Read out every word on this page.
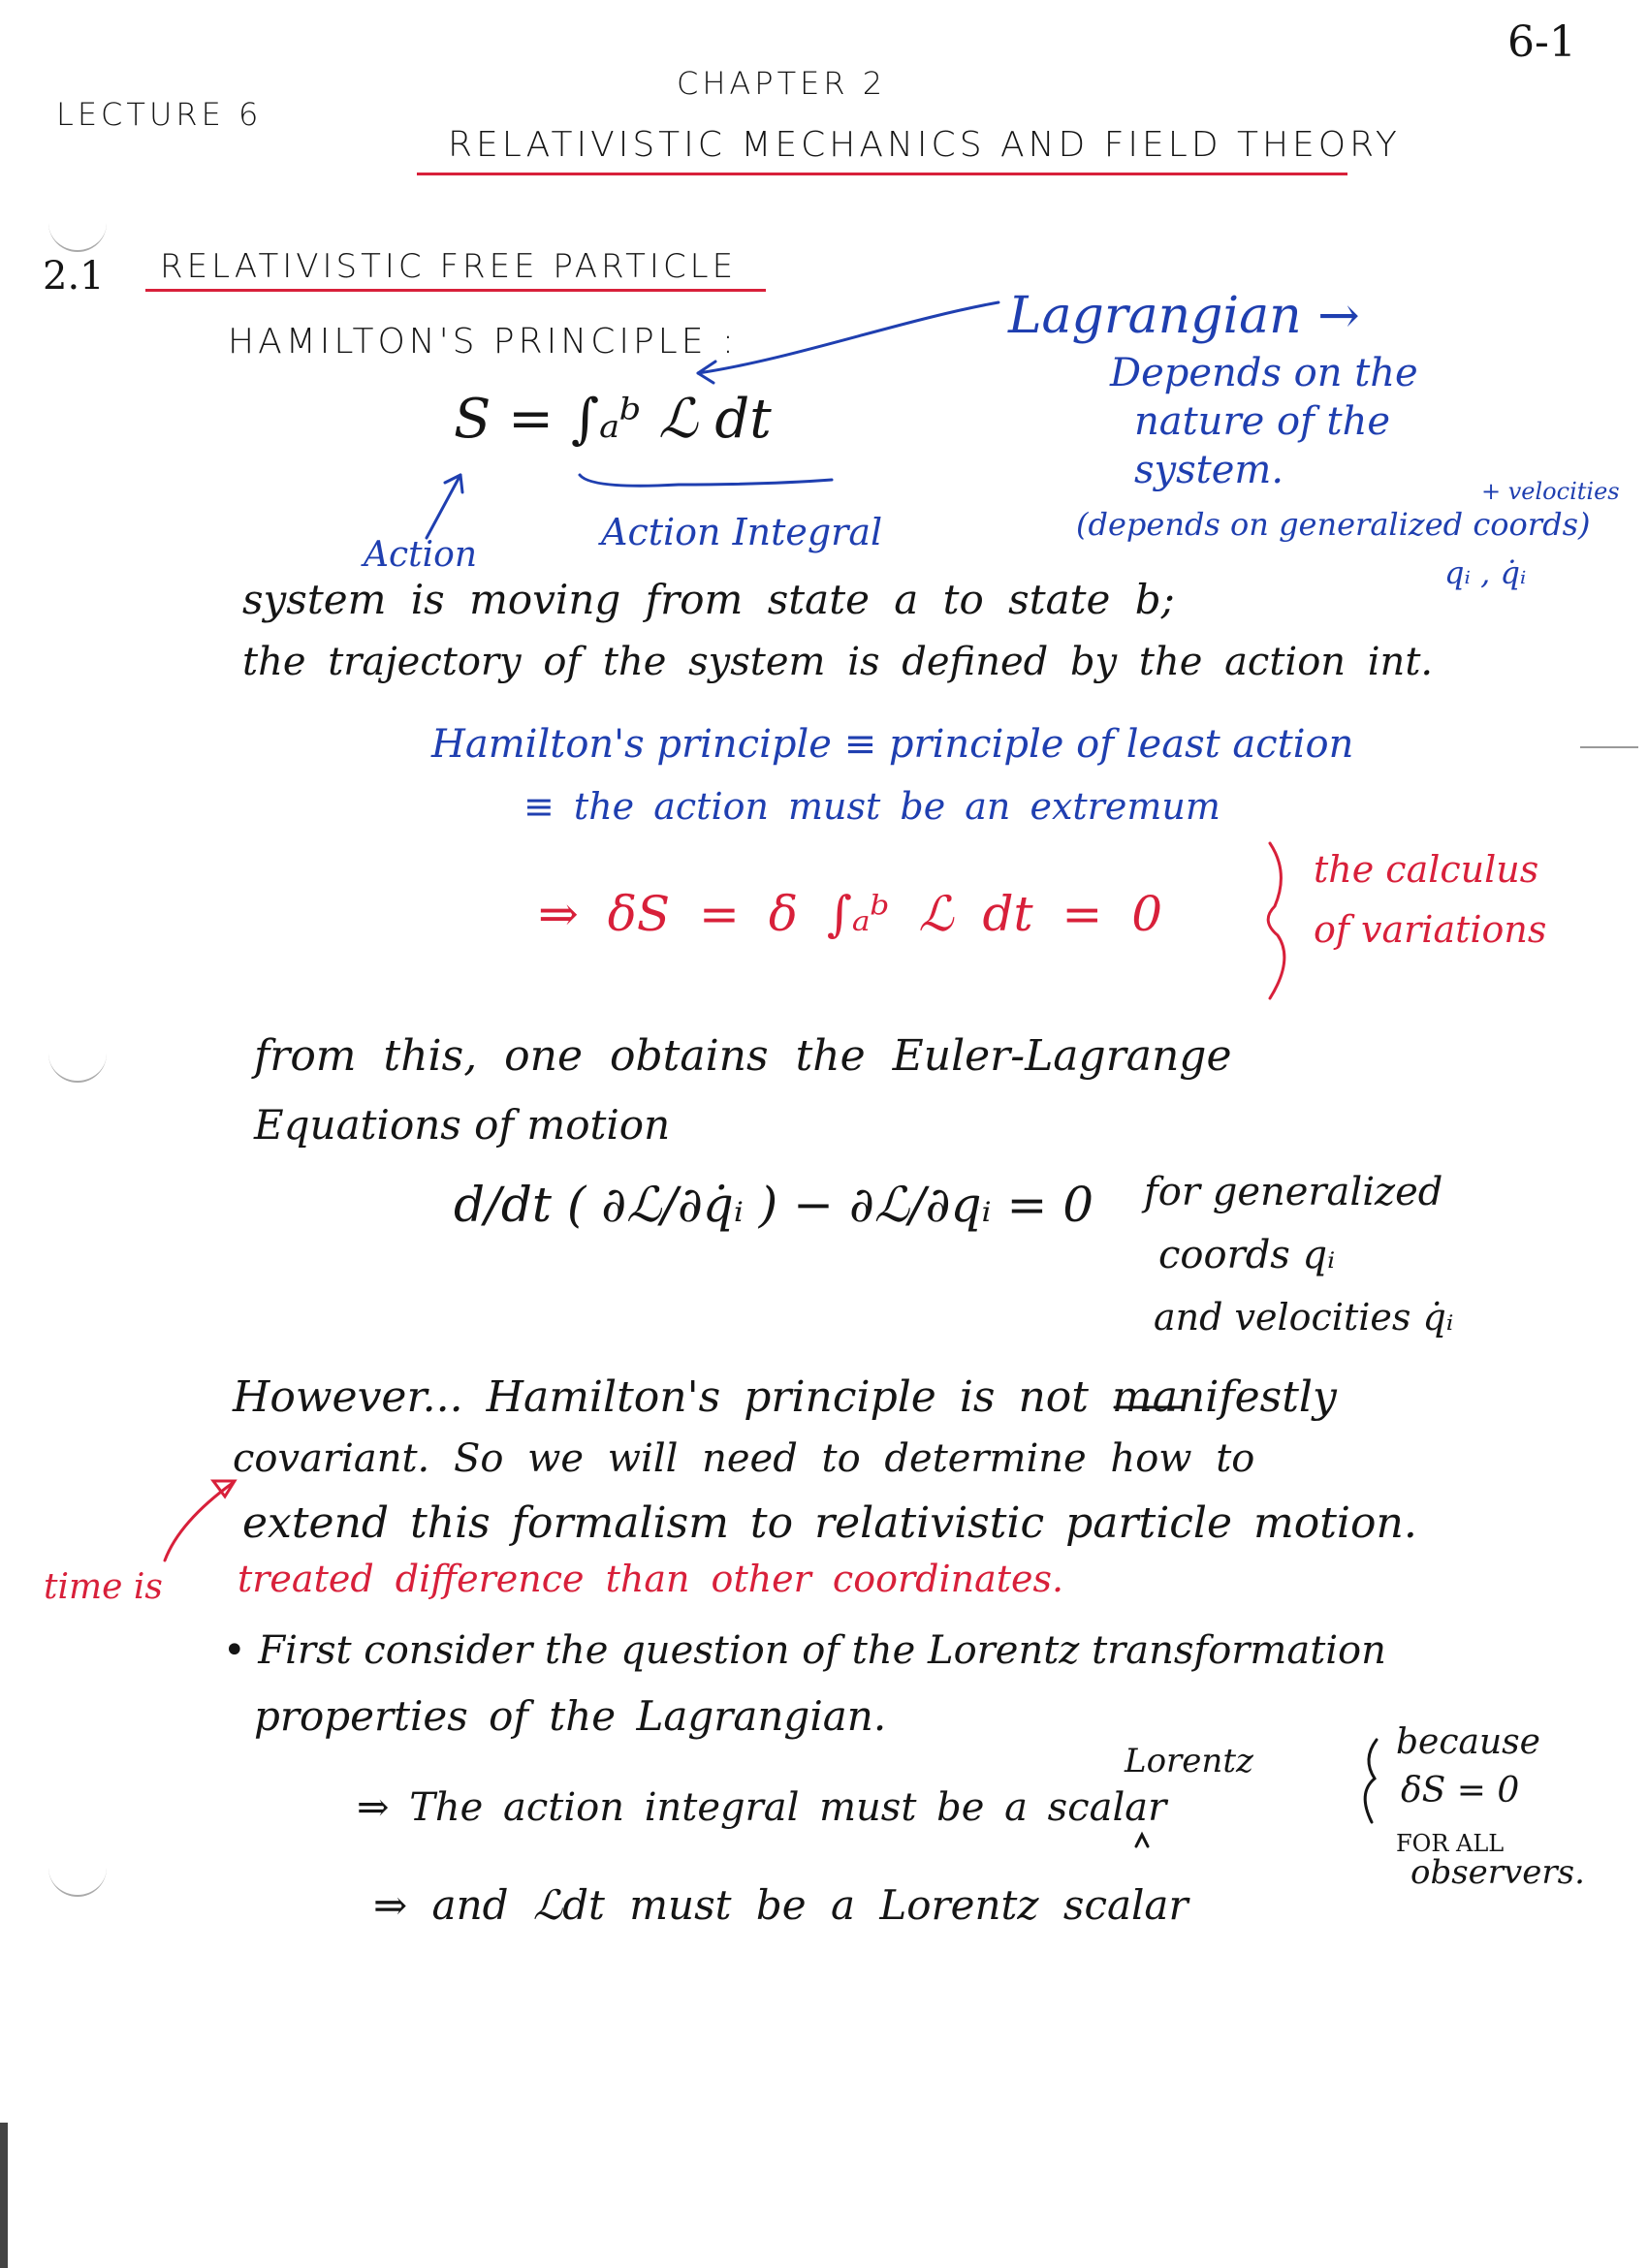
6-1
LECTURE 6
CHAPTER 2
RELATIVISTIC MECHANICS AND FIELD THEORY
2.1 RELATIVISTIC FREE PARTICLE
HAMILTON'S PRINCIPLE :
S = ∫ₐᵇ ℒ dt
Lagrangian →
Depends on the
nature of the
system.	+ velocities
(depends on generalized coords)
qᵢ , q̇ᵢ
Action
Action Integral
system is moving from state a to state b;
the trajectory of the system is defined by the action int.
Hamilton's principle ≡ principle of least action
≡ the action must be an extremum
⇒ δS = δ ∫ₐᵇ ℒ dt = 0
the calculus
of variations
from this, one obtains the Euler-Lagrange
Equations of motion
d/dt ( ∂ℒ/∂q̇ᵢ ) − ∂ℒ/∂qᵢ = 0 for generalized
coords qᵢ
and velocities q̇ᵢ
However... Hamilton's principle is not manifestly
covariant. So we will need to determine how to
extend this formalism to relativistic particle motion.
time is treated difference than other coordinates.
• First consider the question of the Lorentz transformation
properties of the Lagrangian.
Lorentz
⇒ The action integral must be a scalar
because
δS = 0
FOR ALL
observers.
⇒ and ℒdt must be a Lorentz scalar
